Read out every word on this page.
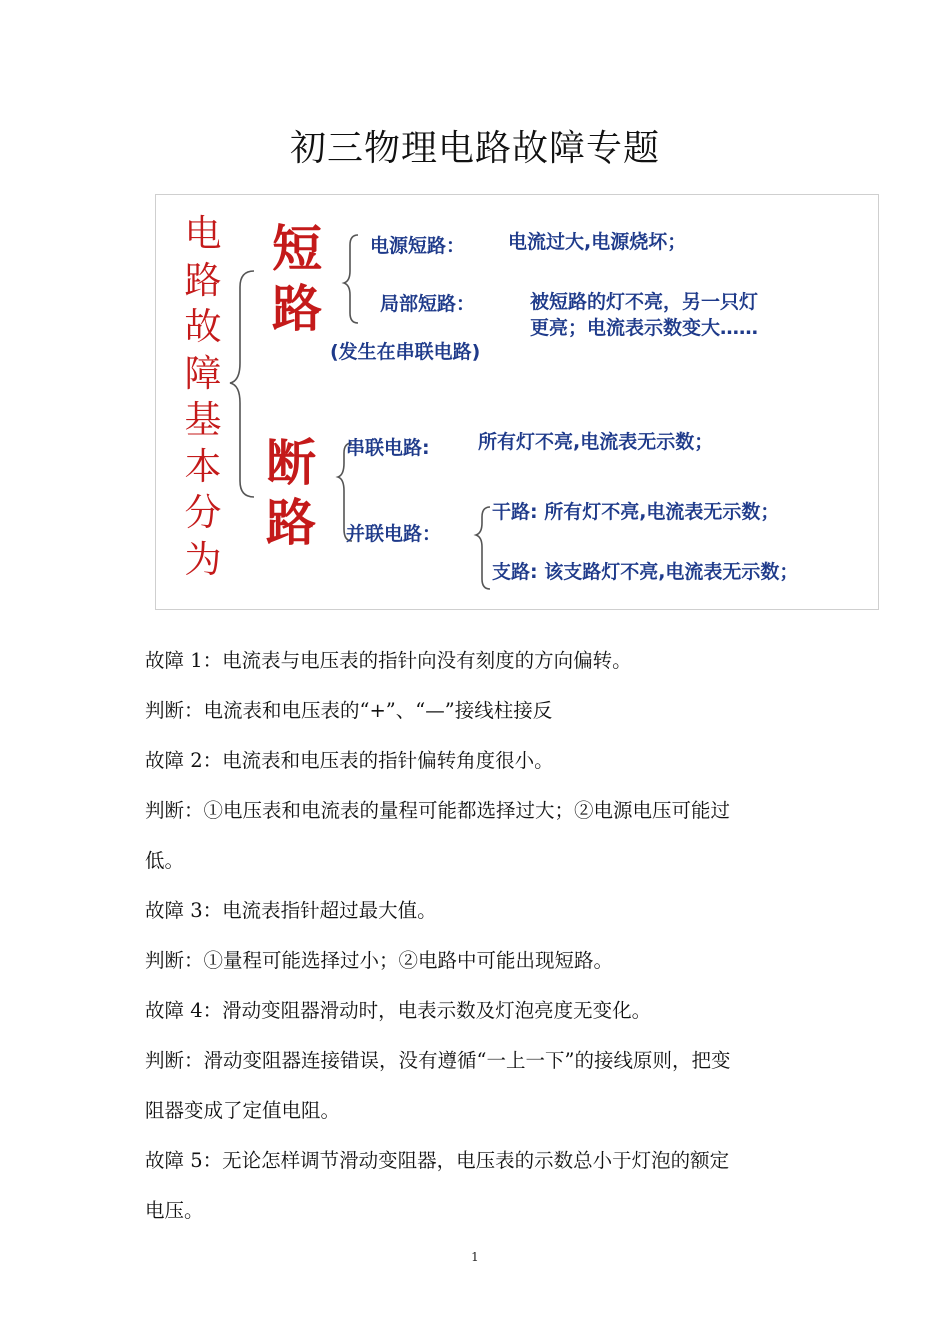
初三物理电路故障专题
电
路
故
障
基
本
分
为
短
路
断
路
电源短路： 电流过大,电源烧坏；
局部短路：	被短路的灯不亮，另一只灯
更亮；电流表示数变大……
(发生在串联电路)
串联电路:	所有灯不亮,电流表无示数；
并联电路：
干路: 所有灯不亮,电流表无示数；
支路: 该支路灯不亮,电流表无示数；
故障 1：电流表与电压表的指针向没有刻度的方向偏转。
判断：电流表和电压表的“+”、“—”接线柱接反
故障 2：电流表和电压表的指针偏转角度很小。
判断：①电压表和电流表的量程可能都选择过大；②电源电压可能过
低。
故障 3：电流表指针超过最大值。
判断：①量程可能选择过小；②电路中可能出现短路。
故障 4：滑动变阻器滑动时，电表示数及灯泡亮度无变化。
判断：滑动变阻器连接错误，没有遵循“一上一下”的接线原则，把变
阻器变成了定值电阻。
故障 5：无论怎样调节滑动变阻器，电压表的示数总小于灯泡的额定
电压。
1
